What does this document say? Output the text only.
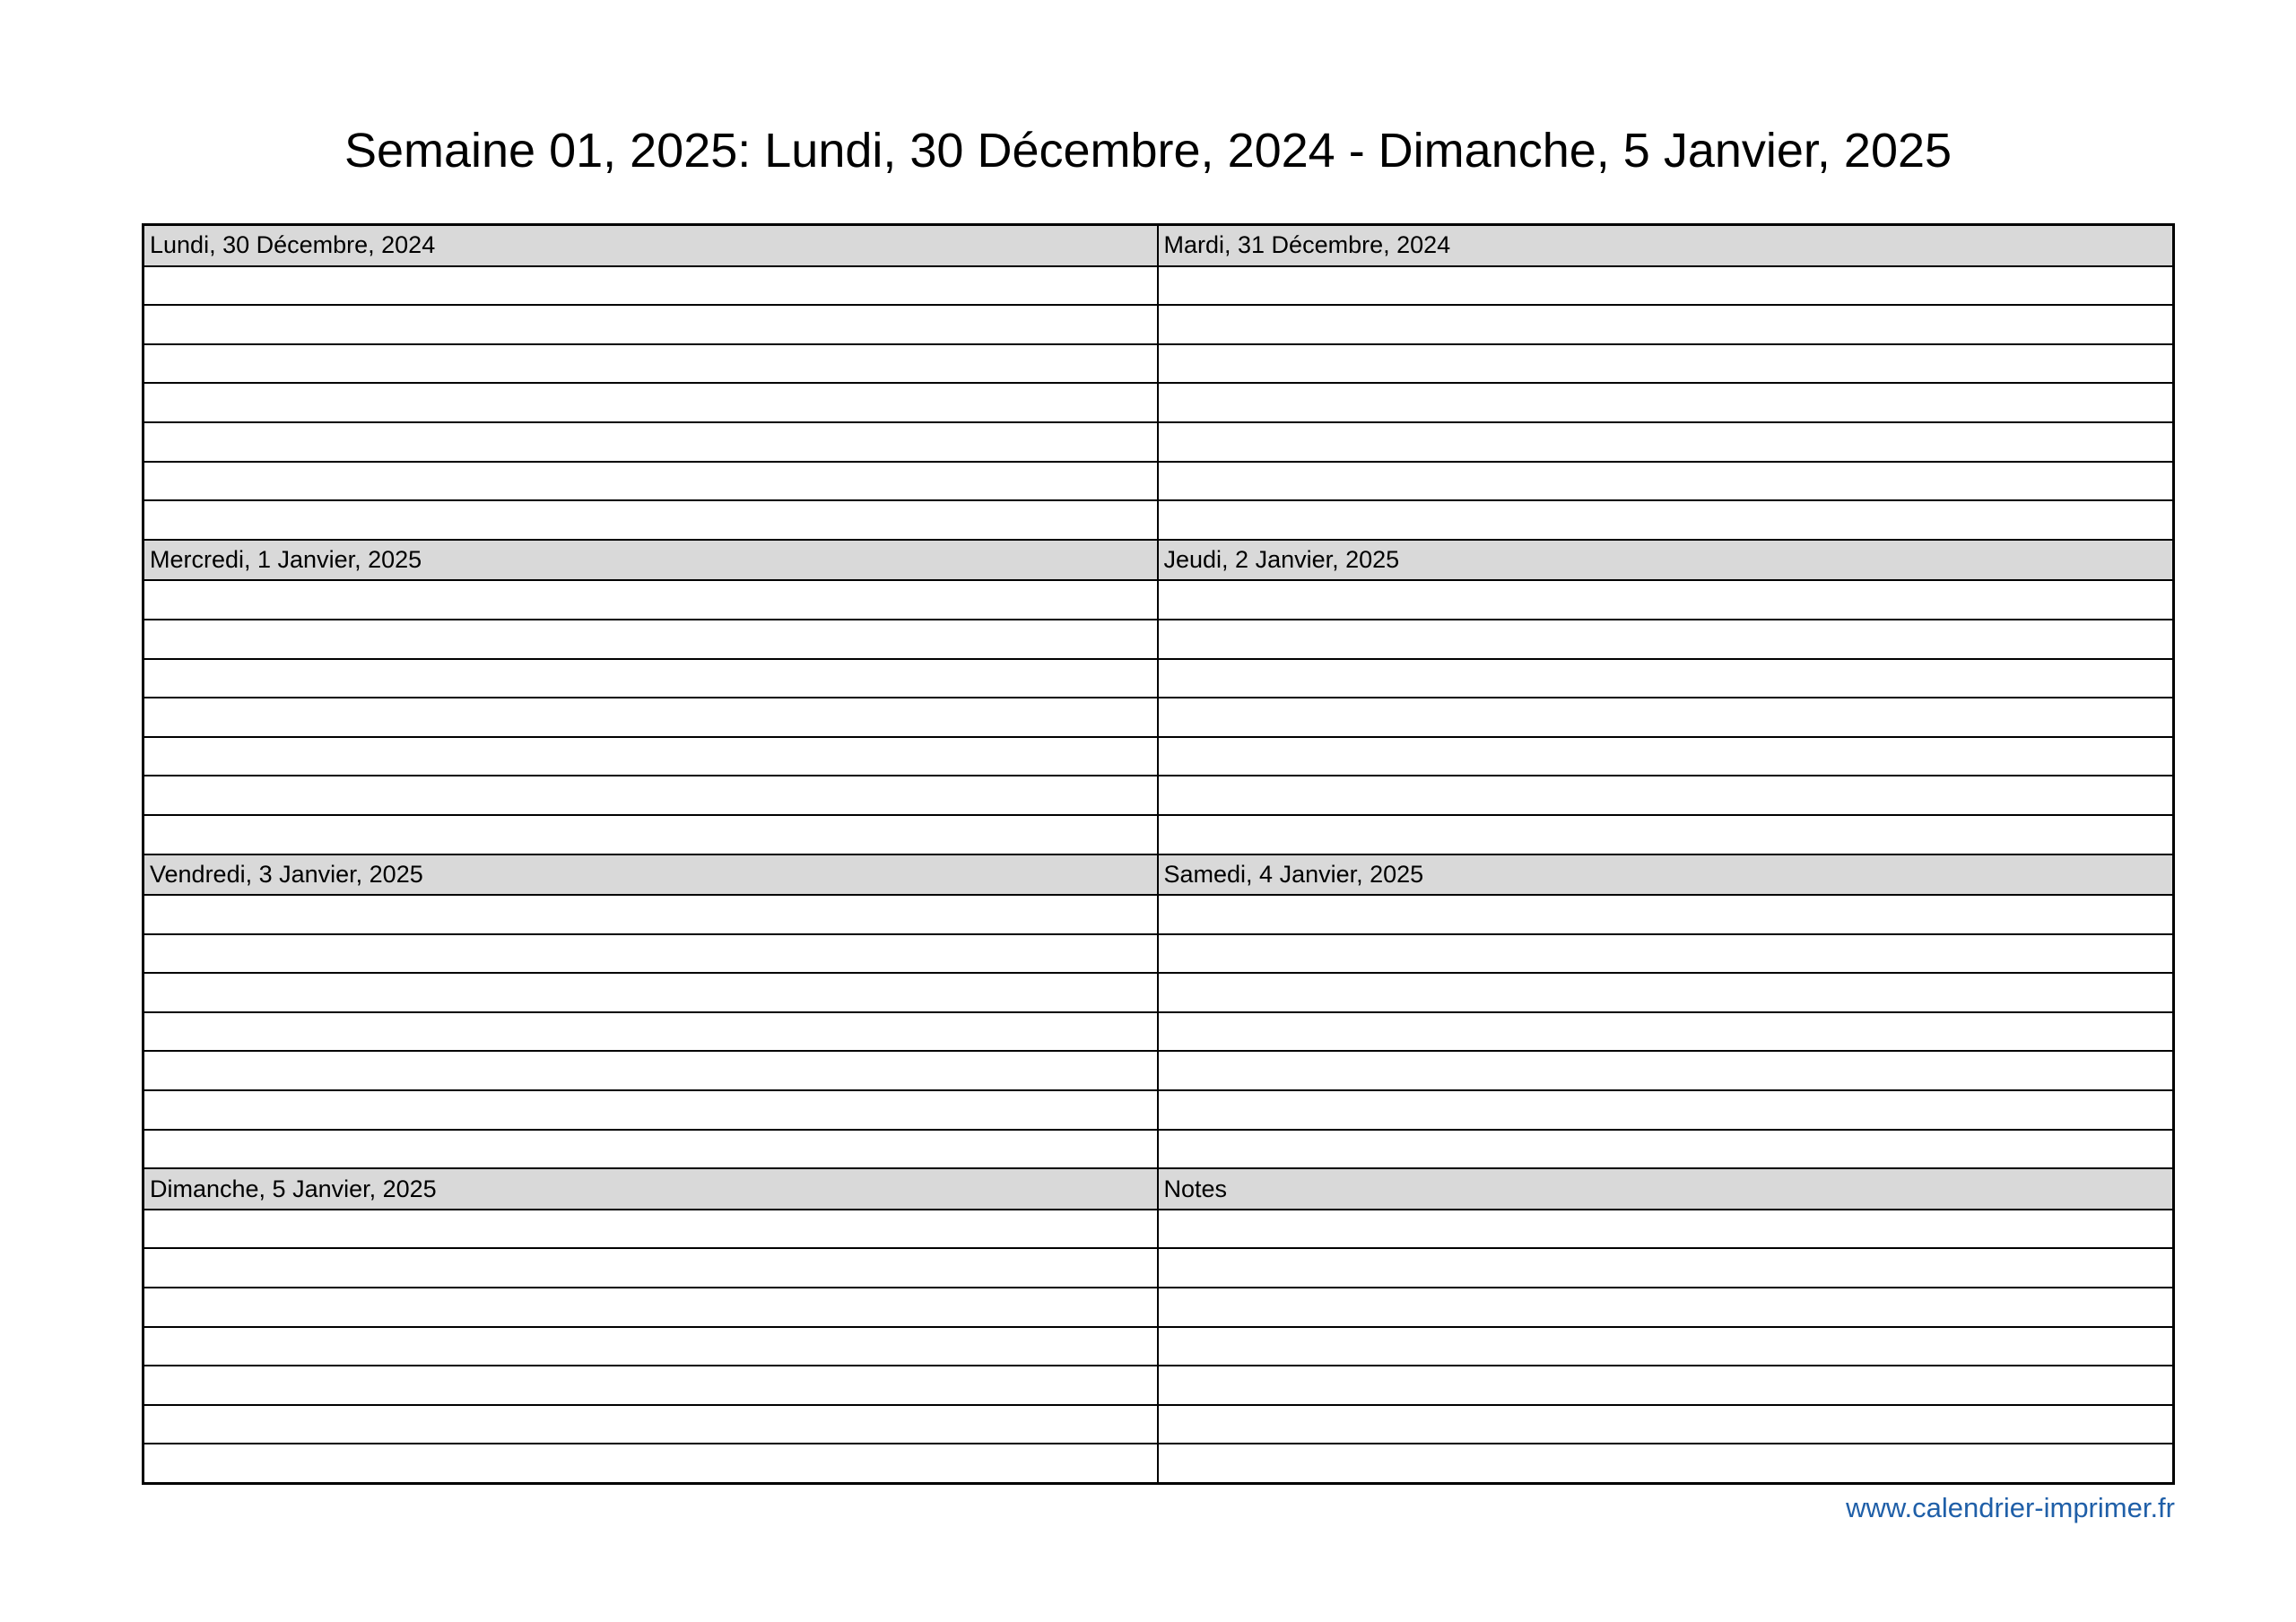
Semaine 01, 2025: Lundi, 30 Décembre, 2024 - Dimanche, 5 Janvier, 2025
Lundi, 30 Décembre, 2024	Mardi, 31 Décembre, 2024
Mercredi, 1 Janvier, 2025	Jeudi, 2 Janvier, 2025
Vendredi, 3 Janvier, 2025	Samedi, 4 Janvier, 2025
Dimanche, 5 Janvier, 2025	Notes
www.calendrier-imprimer.fr
